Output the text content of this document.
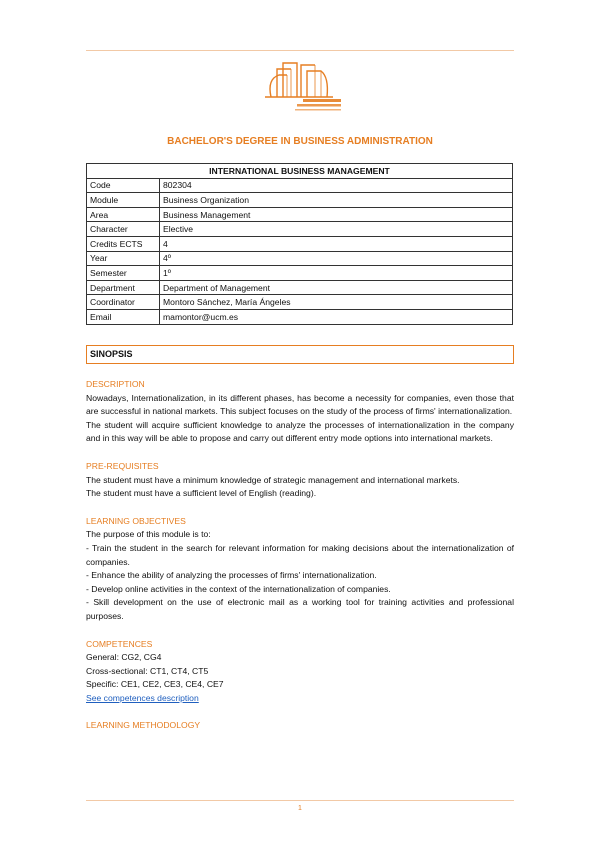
BACHELOR'S DEGREE IN BUSINESS ADMINISTRATION
INTERNATIONAL BUSINESS MANAGEMENT	
Code	802304
Module	Business Organization
Area	Business Management
Character	Elective
Credits ECTS	4
Year	4º
Semester	1º
Department	Department of Management
Coordinator	Montoro Sánchez, María Ángeles
Email	mamontor@ucm.es
SINOPSIS

DESCRIPTION

Nowadays, Internationalization, in its different phases, has become a necessity for companies, even those that are successful in national markets. This subject focuses on the study of the process of firms' internationalization.

The student will acquire sufficient knowledge to analyze the processes of internationalization in the company and in this way will be able to propose and carry out different entry mode options into international markets.

PRE-REQUISITES

The student must have a minimum knowledge of strategic management and international markets.

The student must have a sufficient level of English (reading).

LEARNING OBJECTIVES

The purpose of this module is to:

- Train the student in the search for relevant information for making decisions about the internationalization of companies.

- Enhance the ability of analyzing the processes of firms' internationalization.

- Develop online activities in the context of the internationalization of companies.

- Skill development on the use of electronic mail as a working tool for training activities and professional purposes.

COMPETENCES

General: CG2, CG4

Cross-sectional: CT1, CT4, CT5

Specific: CE1, CE2, CE3, CE4, CE7

See competences description

LEARNING METHODOLOGY

1
